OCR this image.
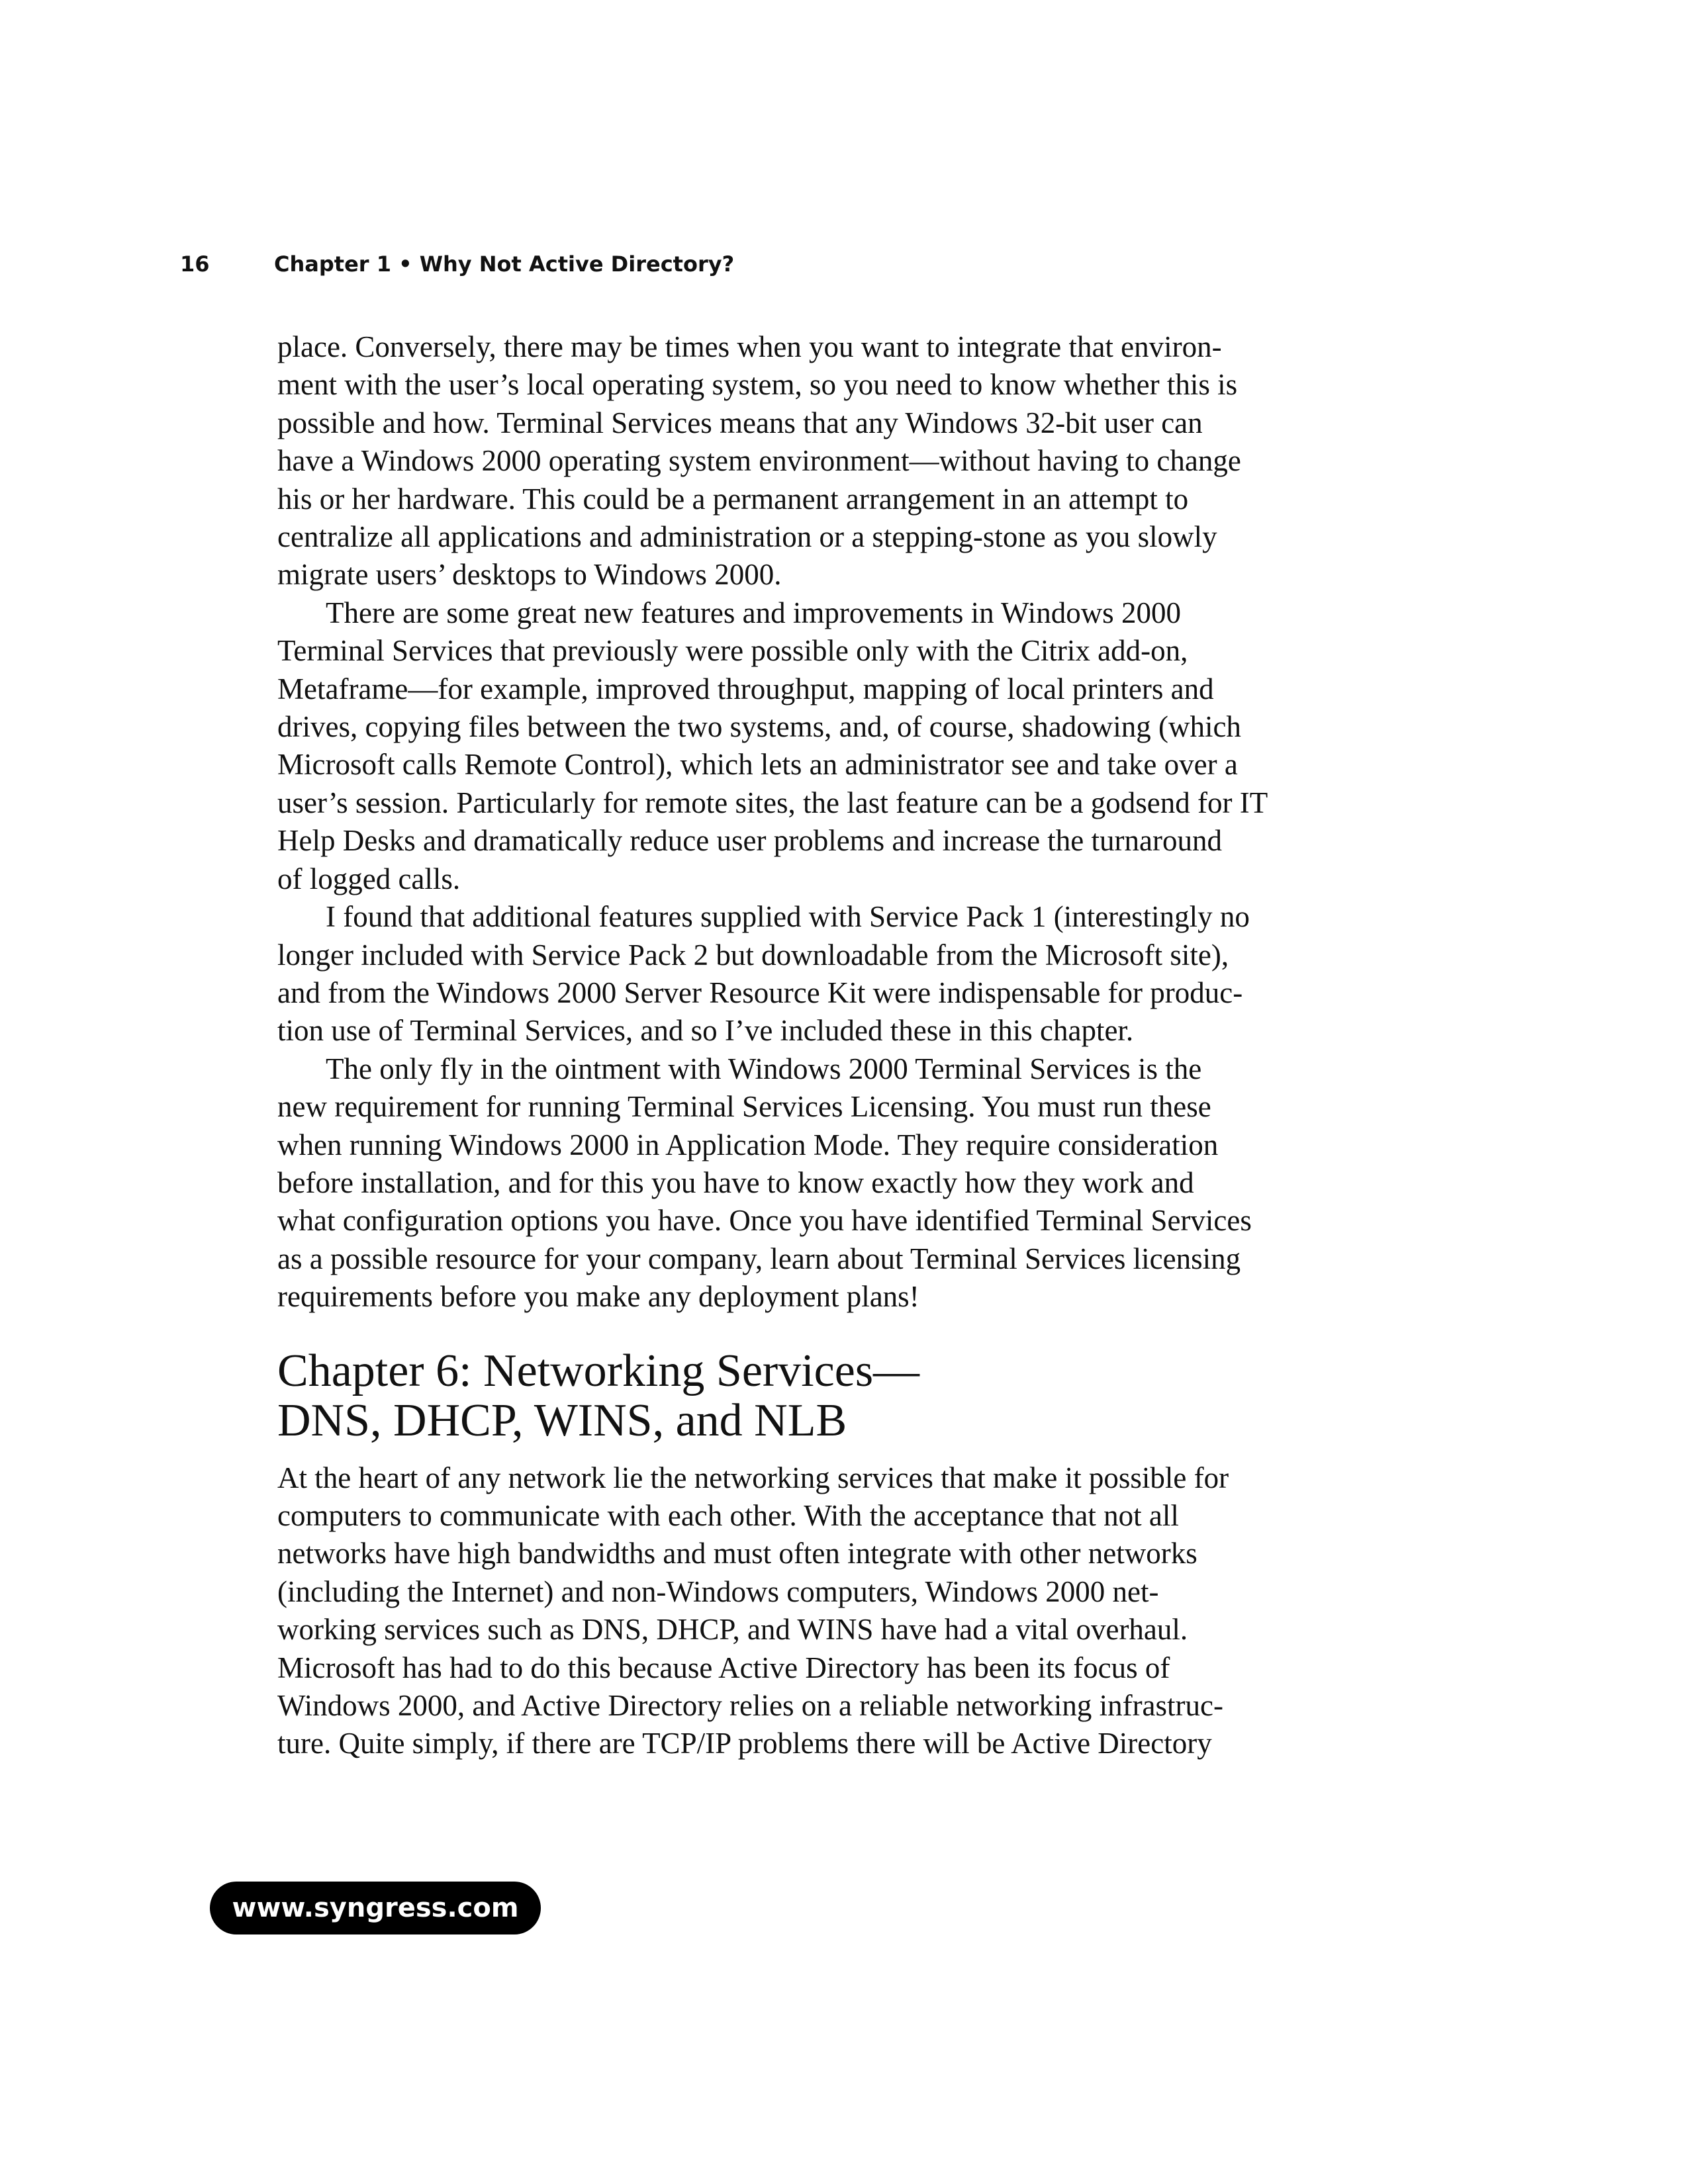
16	Chapter 1 • Why Not Active Directory?
place. Conversely, there may be times when you want to integrate that environ-
ment with the user’s local operating system, so you need to know whether this is
possible and how. Terminal Services means that any Windows 32-bit user can
have a Windows 2000 operating system environment—without having to change
his or her hardware. This could be a permanent arrangement in an attempt to
centralize all applications and administration or a stepping-stone as you slowly
migrate users’ desktops to Windows 2000.
There are some great new features and improvements in Windows 2000
Terminal Services that previously were possible only with the Citrix add-on,
Metaframe—for example, improved throughput, mapping of local printers and
drives, copying files between the two systems, and, of course, shadowing (which
Microsoft calls Remote Control), which lets an administrator see and take over a
user’s session. Particularly for remote sites, the last feature can be a godsend for IT
Help Desks and dramatically reduce user problems and increase the turnaround
of logged calls.
I found that additional features supplied with Service Pack 1 (interestingly no
longer included with Service Pack 2 but downloadable from the Microsoft site),
and from the Windows 2000 Server Resource Kit were indispensable for produc-
tion use of Terminal Services, and so I’ve included these in this chapter.
The only fly in the ointment with Windows 2000 Terminal Services is the
new requirement for running Terminal Services Licensing. You must run these
when running Windows 2000 in Application Mode. They require consideration
before installation, and for this you have to know exactly how they work and
what configuration options you have. Once you have identified Terminal Services
as a possible resource for your company, learn about Terminal Services licensing
requirements before you make any deployment plans!
Chapter 6: Networking Services—
DNS, DHCP, WINS, and NLB
At the heart of any network lie the networking services that make it possible for
computers to communicate with each other. With the acceptance that not all
networks have high bandwidths and must often integrate with other networks
(including the Internet) and non-Windows computers, Windows 2000 net-
working services such as DNS, DHCP, and WINS have had a vital overhaul.
Microsoft has had to do this because Active Directory has been its focus of
Windows 2000, and Active Directory relies on a reliable networking infrastruc-
ture. Quite simply, if there are TCP/IP problems there will be Active Directory
www.syngress.com
